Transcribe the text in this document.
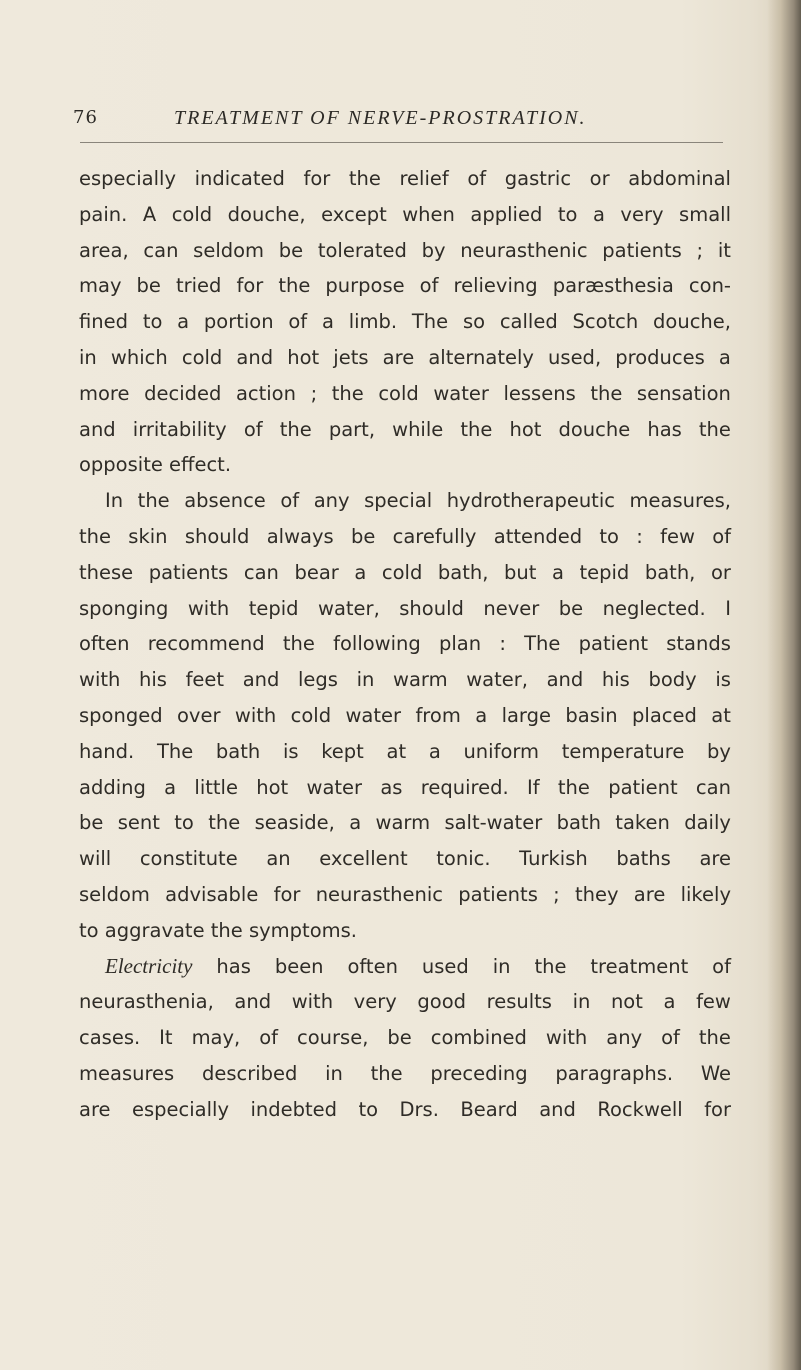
76	TREATMENT OF NERVE-PROSTRATION.
especially indicated for the relief of gastric or abdominal
pain. A cold douche, except when applied to a very small
area, can seldom be tolerated by neurasthenic patients ; it
may be tried for the purpose of relieving paræsthesia con-
fined to a portion of a limb. The so called Scotch douche,
in which cold and hot jets are alternately used, produces a
more decided action ; the cold water lessens the sensation
and irritability of the part, while the hot douche has the
opposite effect.
In the absence of any special hydrotherapeutic measures,
the skin should always be carefully attended to : few of
these patients can bear a cold bath, but a tepid bath, or
sponging with tepid water, should never be neglected. I
often recommend the following plan : The patient stands
with his feet and legs in warm water, and his body is
sponged over with cold water from a large basin placed at
hand. The bath is kept at a uniform temperature by
adding a little hot water as required. If the patient can
be sent to the seaside, a warm salt-water bath taken daily
will constitute an excellent tonic. Turkish baths are
seldom advisable for neurasthenic patients ; they are likely
to aggravate the symptoms.
Electricity has been often used in the treatment of
neurasthenia, and with very good results in not a few
cases. It may, of course, be combined with any of the
measures described in the preceding paragraphs. We
are especially indebted to Drs. Beard and Rockwell for
